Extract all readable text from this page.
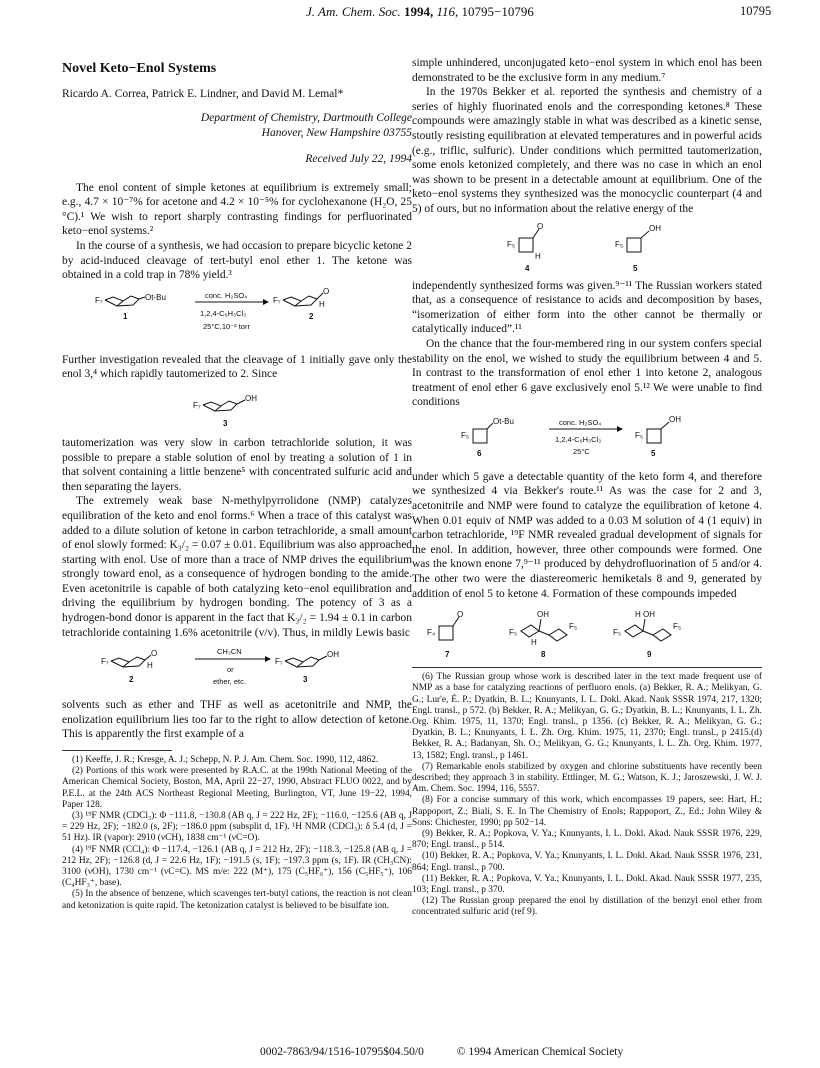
J. Am. Chem. Soc. 1994, 116, 10795−10796	10795

Novel Keto−Enol Systems

Ricardo A. Correa, Patrick E. Lindner, and David M. Lemal*

Department of Chemistry, Dartmouth College

Hanover, New Hampshire 03755

Received July 22, 1994

The enol content of simple ketones at equilibrium is extremely small; e.g., 4.7 × 10⁻⁷% for acetone and 4.2 × 10⁻⁵% for cyclohexanone (H₂O, 25 °C).¹ We wish to report sharply contrasting findings for perfluorinated keto−enol systems.²

In the course of a synthesis, we had occasion to prepare bicyclic ketone 2 by acid-induced cleavage of tert-butyl enol ether 1. The ketone was obtained in a cold trap in 78% yield.³

F₇	Ot-Bu
1
conc. H₂SO₄
1,2,4-C₆H₃Cl₃
25°C,10⁻² torr
F₇
O
H
2

Further investigation revealed that the cleavage of 1 initially gave only the enol 3,⁴ which rapidly tautomerized to 2. Since

F₇
OH
3

tautomerization was very slow in carbon tetrachloride solution, it was possible to prepare a stable solution of enol by treating a solution of 1 in that solvent containing a little benzene⁵ with concentrated sulfuric acid and then separating the layers.

The extremely weak base N-methylpyrrolidone (NMP) catalyzes equilibration of the keto and enol forms.⁶ When a trace of this catalyst was added to a dilute solution of ketone in carbon tetrachloride, a small amount of enol slowly formed: K₃/₂ = 0.07 ± 0.01. Equilibrium was also approached starting with enol. Use of more than a trace of NMP drives the equilibrium strongly toward enol, as a consequence of hydrogen bonding to the amide. Even acetonitrile is capable of both catalyzing keto−enol equilibration and driving the equilibrium by hydrogen bonding. The potency of 3 as a hydrogen-bond donor is apparent in the fact that K₃/₂ = 1.94 ± 0.1 in carbon tetrachloride containing 1.6% acetonitrile (v/v). Thus, in mildly Lewis basic

F₇
O
H
2
CH₃CN
or
ether, etc.
F₇
OH
3

solvents such as ether and THF as well as acetonitrile and NMP, the enolization equilibrium lies too far to the right to allow detection of ketone. This is apparently the first example of a

(1) Keeffe, J. R.; Kresge, A. J.; Schepp, N. P. J. Am. Chem. Soc. 1990, 112, 4862.

(2) Portions of this work were presented by R.A.C. at the 199th National Meeting of the American Chemical Society, Boston, MA, April 22−27, 1990, Abstract FLUO 0022, and by P.E.L. at the 24th ACS Northeast Regional Meeting, Burlington, VT, June 19−22, 1994, Paper 128.

(3) ¹⁹F NMR (CDCl₃): Φ −111.8, −130.8 (AB q, J = 222 Hz, 2F); −116.0, −125.6 (AB q, J = 229 Hz, 2F); −182.0 (s, 2F); −186.0 ppm (subsplit d, 1F). ¹H NMR (CDCl₃): δ 5.4 (d, J = 51 Hz). IR (vapor): 2910 (νCH), 1838 cm⁻¹ (νC=O).

(4) ¹⁹F NMR (CCl₄): Φ −117.4, −126.1 (AB q, J = 212 Hz, 2F); −118.3, −125.8 (AB q, J = 212 Hz, 2F); −126.8 (d, J = 22.6 Hz, 1F); −191.5 (s, 1F); −197.3 ppm (s, 1F). IR (CH₃CN): 3100 (νOH), 1730 cm⁻¹ (νC=C). MS m/e: 222 (M⁺), 175 (C₅HF₆⁺), 156 (C₅HF₅⁺), 106 (C₄HF₃⁺, base).

(5) In the absence of benzene, which scavenges tert-butyl cations, the reaction is not clean and ketonization is quite rapid. The ketonization catalyst is believed to be bisulfate ion.

simple unhindered, unconjugated keto−enol system in which enol has been demonstrated to be the exclusive form in any medium.⁷

In the 1970s Bekker et al. reported the synthesis and chemistry of a series of highly fluorinated enols and the corresponding ketones.⁸ These compounds were amazingly stable in what was described as a kinetic sense, stoutly resisting equilibration at elevated temperatures and in powerful acids (e.g., triflic, sulfuric). Under conditions which permitted tautomerization, some enols ketonized completely, and there was no case in which an enol was shown to be present in a detectable amount at equilibrium. One of the keto−enol systems they synthesized was the monocyclic counterpart (4 and 5) of ours, but no information about the relative energy of the

F₅
O
H
4
F₅
OH
5

independently synthesized forms was given.⁹⁻¹¹ The Russian workers stated that, as a consequence of resistance to acids and decomposition by bases, “isomerization of either form into the other cannot be thermally or catalytically induced”.¹¹

On the chance that the four-membered ring in our system confers special stability on the enol, we wished to study the equilibrium between 4 and 5. In contrast to the transformation of enol ether 1 into ketone 2, analogous treatment of enol ether 6 gave exclusively enol 5.¹² We were unable to find conditions

F₅
Ot-Bu
6
conc. H₂SO₄
1,2,4-C₆H₃Cl₃
25°C
F₅
OH
5

under which 5 gave a detectable quantity of the keto form 4, and therefore we synthesized 4 via Bekker's route.¹¹ As was the case for 2 and 3, acetonitrile and NMP were found to catalyze the equilibration of ketone 4. When 0.01 equiv of NMP was added to a 0.03 M solution of 4 (1 equiv) in carbon tetrachloride, ¹⁹F NMR revealed gradual development of signals for the enol. In addition, however, three other compounds were formed. One was the known enone 7,⁹⁻¹¹ produced by dehydrofluorination of 5 and/or 4. The other two were the diastereomeric hemiketals 8 and 9, generated by addition of enol 5 to ketone 4. Formation of these compounds impeded

F₄
O
7
F₅
OH
H
F₅
8
F₅
H OH
F₅
9

(6) The Russian group whose work is described later in the text made frequent use of NMP as a base for catalyzing reactions of perfluoro enols. (a) Bekker, R. A.; Melikyan, G. G.; Lur'e, É. P.; Dyatkin, B. L.; Knunyants, I. L. Dokl. Akad. Nauk SSSR 1974, 217, 1320; Engl. transl., p 572. (b) Bekker, R. A.; Melikyan, G. G.; Dyatkin, B. L.; Knunyants, I. L. Zh. Org. Khim. 1975, 11, 1370; Engl. transl., p 1356. (c) Bekker, R. A.; Melikyan, G. G.; Dyatkin, B. L.; Knunyants, I. L. Zh. Org. Khim. 1975, 11, 2370; Engl. transl., p 2415.(d) Bekker, R. A.; Badanyan, Sh. O.; Melikyan, G. G.; Knunyants, I. L. Zh. Org. Khim. 1977, 13, 1582; Engl. transl., p 1461.

(7) Remarkable enols stabilized by oxygen and chlorine substituents have recently been described; they approach 3 in stability. Ettlinger, M. G.; Watson, K. J.; Jaroszewski, J. W. J. Am. Chem. Soc. 1994, 116, 5557.

(8) For a concise summary of this work, which encompasses 19 papers, see: Hart, H.; Rappoport, Z.; Biali, S. E. In The Chemistry of Enols; Rappoport, Z., Ed.; John Wiley & Sons: Chichester, 1990; pp 502−14.

(9) Bekker, R. A.; Popkova, V. Ya.; Knunyants, I. L. Dokl. Akad. Nauk SSSR 1976, 229, 870; Engl. transl., p 514.

(10) Bekker, R. A.; Popkova, V. Ya.; Knunyants, I. L. Dokl. Akad. Nauk SSSR 1976, 231, 864; Engl. transl., p 700.

(11) Bekker, R. A.; Popkova, V. Ya.; Knunyants, I. L. Dokl. Akad. Nauk SSSR 1977, 235, 103; Engl. transl., p 370.

(12) The Russian group prepared the enol by distillation of the benzyl enol ether from concentrated sulfuric acid (ref 9).

0002-7863/94/1516-10795$04.50/0	© 1994 American Chemical Society
